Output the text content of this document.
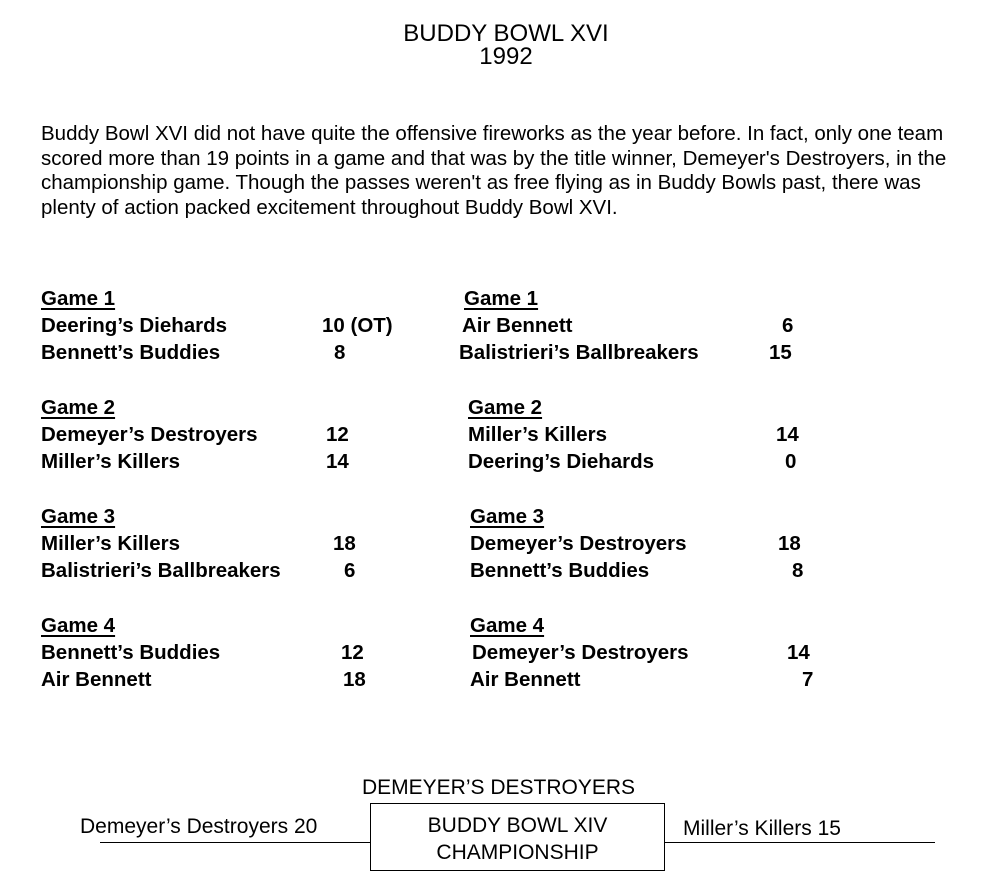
BUDDY BOWL XVI
1992
Buddy Bowl XVI did not have quite the offensive fireworks as the year before. In fact, only one team scored more than 19 points in a game and that was by the title winner, Demeyer's Destroyers, in the championship game. Though the passes weren't as free flying as in Buddy Bowls past, there was plenty of action packed excitement throughout Buddy Bowl XVI.
Game 1
Deering’s Diehards	10 (OT)
Bennett’s Buddies	8
Game 2
Demeyer’s Destroyers	12
Miller’s Killers	14
Game 3
Miller’s Killers	18
Balistrieri’s Ballbreakers	6
Game 4
Bennett’s Buddies	12
Air Bennett	18
Game 1
Air Bennett	6
Balistrieri’s Ballbreakers	15
Game 2
Miller’s Killers	14
Deering’s Diehards	0
Game 3
Demeyer’s Destroyers	18
Bennett’s Buddies	8
Game 4
Demeyer’s Destroyers	14
Air Bennett	7
DEMEYER’S DESTROYERS
Demeyer’s Destroyers 20	BUDDY BOWL XIV
CHAMPIONSHIP
Miller’s Killers 15
